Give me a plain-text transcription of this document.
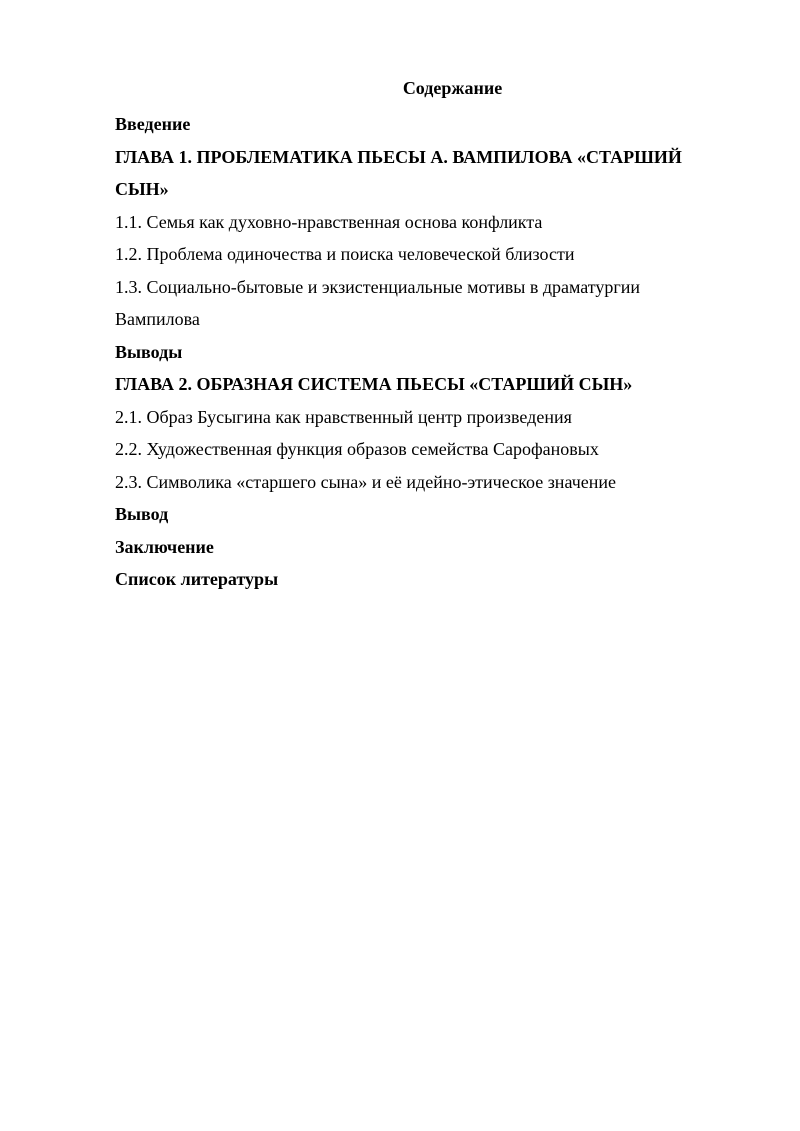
Содержание
Введение
ГЛАВА 1. ПРОБЛЕМАТИКА ПЬЕСЫ А. ВАМПИЛОВА «СТАРШИЙ
СЫН»
1.1. Семья как духовно-нравственная основа конфликта
1.2. Проблема одиночества и поиска человеческой близости
1.3. Социально-бытовые и экзистенциальные мотивы в драматургии
Вампилова
Выводы
ГЛАВА 2. ОБРАЗНАЯ СИСТЕМА ПЬЕСЫ «СТАРШИЙ СЫН»
2.1. Образ Бусыгина как нравственный центр произведения
2.2. Художественная функция образов семейства Сарофановых
2.3. Символика «старшего сына» и её идейно-этическое значение
Вывод
Заключение
Список литературы
